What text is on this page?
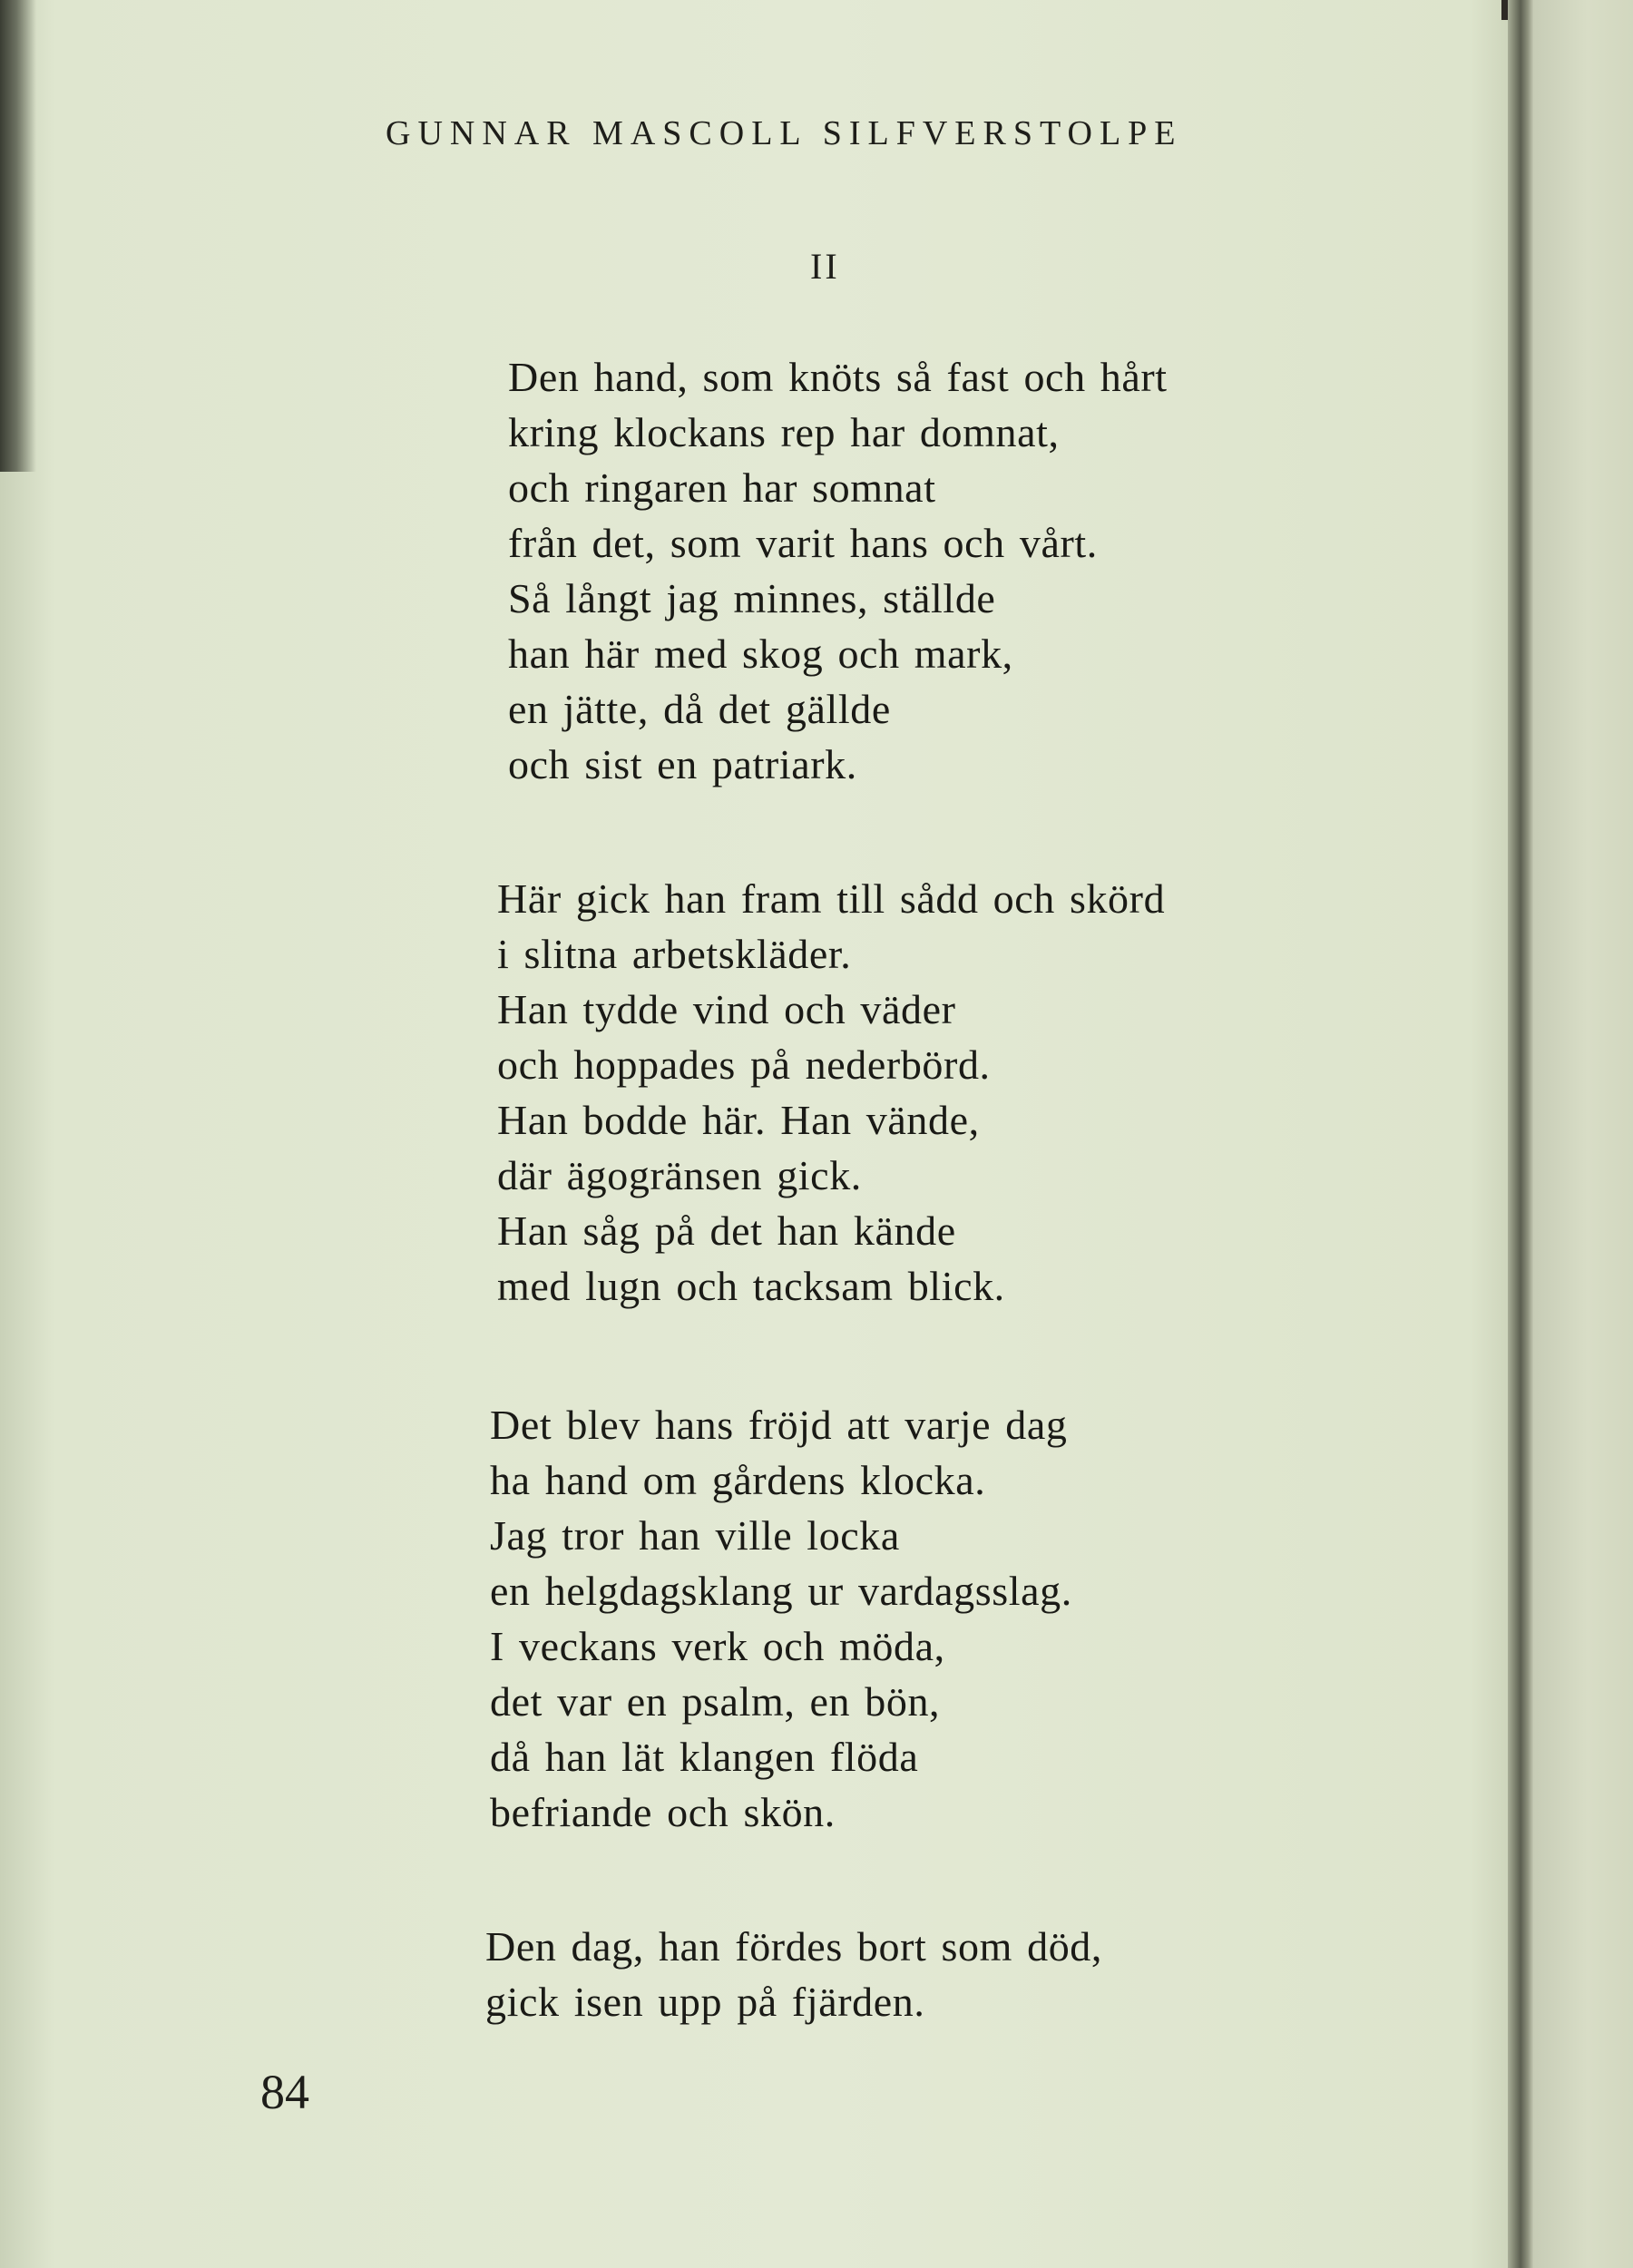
GUNNAR MASCOLL SILFVERSTOLPE
II
Den hand, som knöts så fast och hårt
kring klockans rep har domnat,
och ringaren har somnat
från det, som varit hans och vårt.
Så långt jag minnes, ställde
han här med skog och mark,
en jätte, då det gällde
och sist en patriark.
Här gick han fram till sådd och skörd
i slitna arbetskläder.
Han tydde vind och väder
och hoppades på nederbörd.
Han bodde här. Han vände,
där ägogränsen gick.
Han såg på det han kände
med lugn och tacksam blick.
Det blev hans fröjd att varje dag
ha hand om gårdens klocka.
Jag tror han ville locka
en helgdagsklang ur vardagsslag.
I veckans verk och möda,
det var en psalm, en bön,
då han lät klangen flöda
befriande och skön.
Den dag, han fördes bort som död,
gick isen upp på fjärden.
84
